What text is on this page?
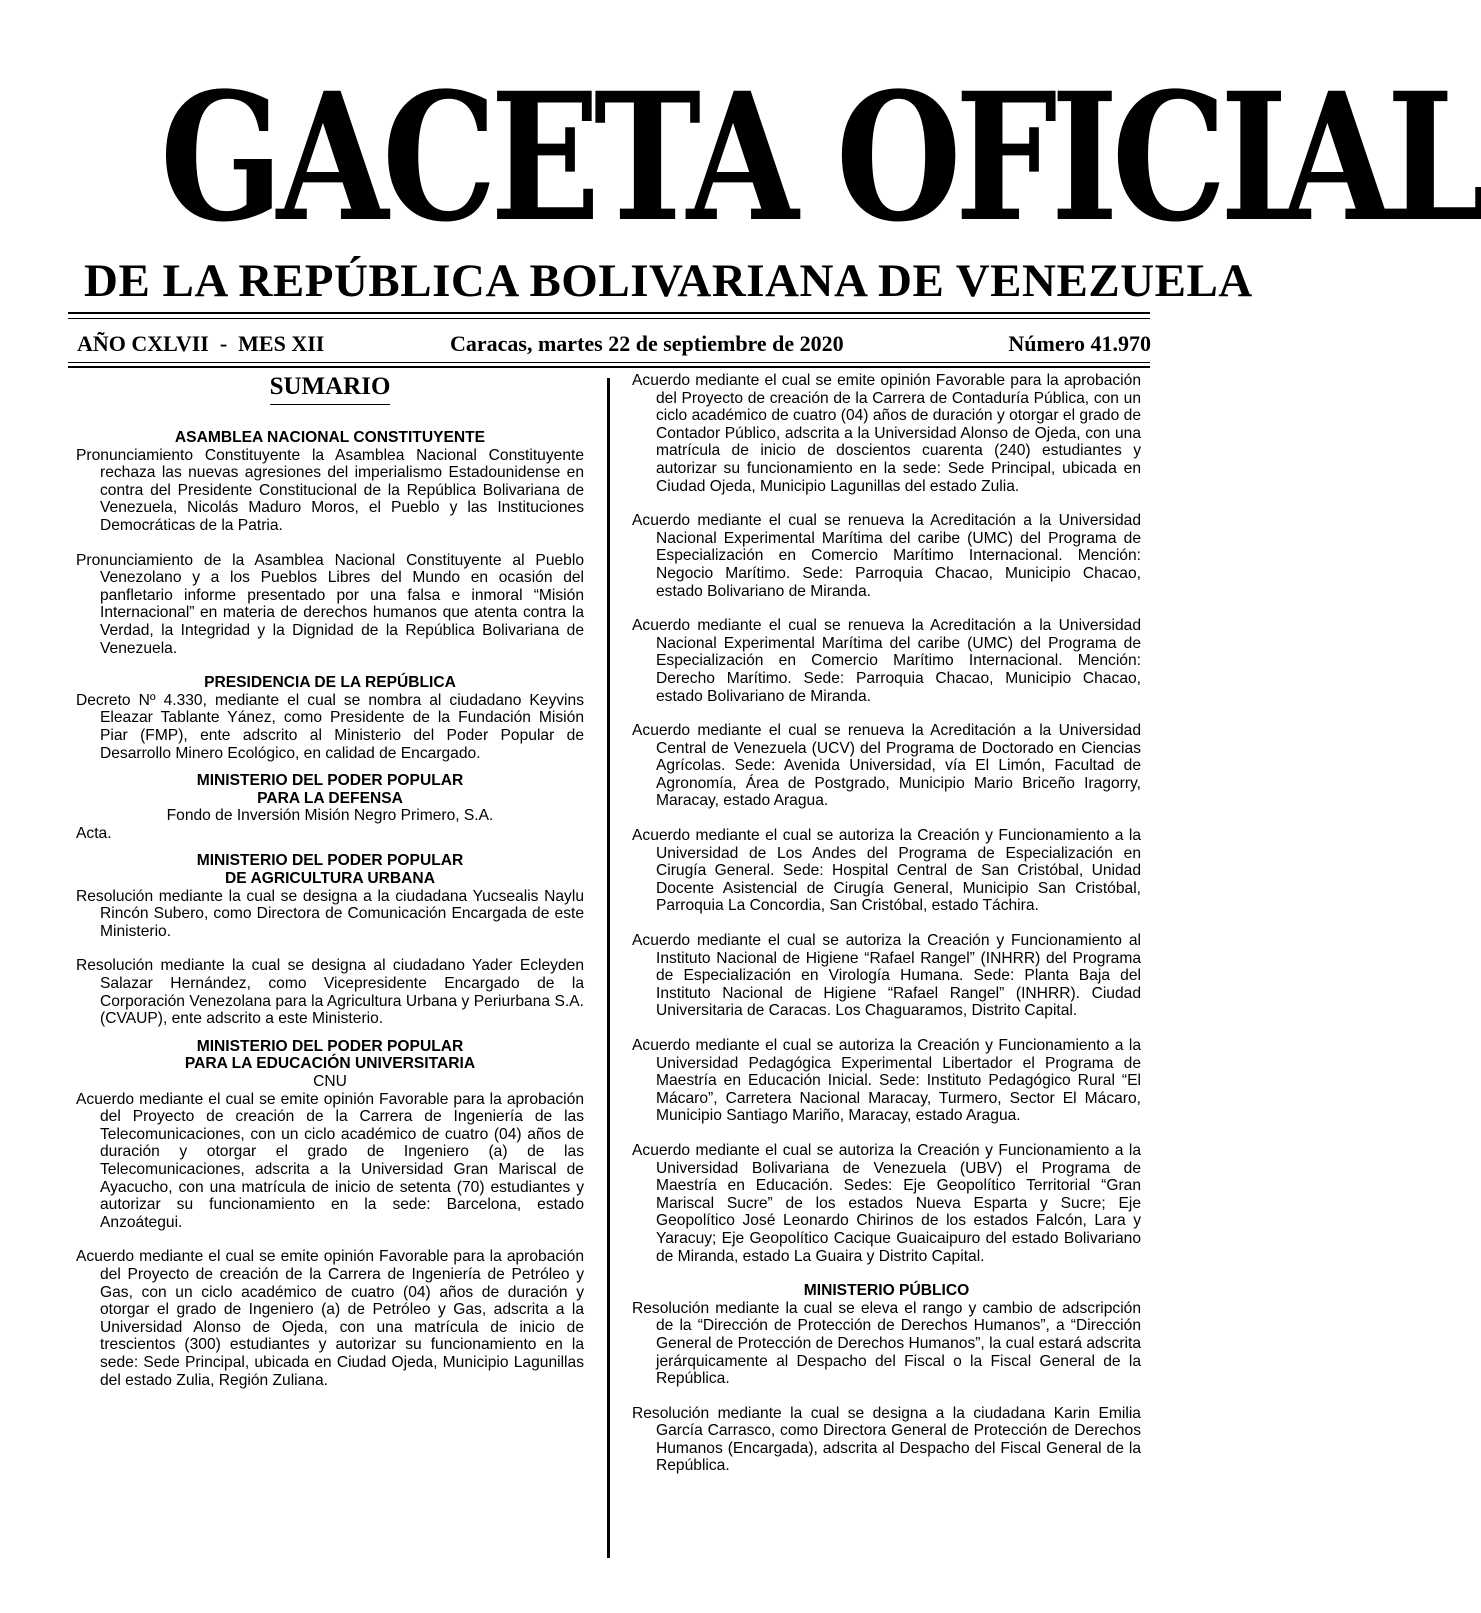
GACETA OFICIAL
DE LA REPÚBLICA BOLIVARIANA DE VENEZUELA
AÑO CXLVII  -  MES XII	Caracas, martes 22 de septiembre de 2020	Número 41.970
SUMARIO

ASAMBLEA NACIONAL CONSTITUYENTE

Pronunciamiento Constituyente la Asamblea Nacional Constituyente rechaza las nuevas agresiones del imperialismo Estadounidense en contra del Presidente Constitucional de la República Bolivariana de Venezuela, Nicolás Maduro Moros, el Pueblo y las Instituciones Democráticas de la Patria.

Pronunciamiento de la Asamblea Nacional Constituyente al Pueblo Venezolano y a los Pueblos Libres del Mundo en ocasión del panfletario informe presentado por una falsa e inmoral “Misión Internacional” en materia de derechos humanos que atenta contra la Verdad, la Integridad y la Dignidad de la República Bolivariana de Venezuela.

PRESIDENCIA DE LA REPÚBLICA

Decreto Nº 4.330, mediante el cual se nombra al ciudadano Keyvins Eleazar Tablante Yánez, como Presidente de la Fundación Misión Piar (FMP), ente adscrito al Ministerio del Poder Popular de Desarrollo Minero Ecológico, en calidad de Encargado.

MINISTERIO DEL PODER POPULAR

PARA LA DEFENSA

Fondo de Inversión Misión Negro Primero, S.A.

Acta.

MINISTERIO DEL PODER POPULAR

DE AGRICULTURA URBANA

Resolución mediante la cual se designa a la ciudadana Yucsealis Naylu Rincón Subero, como Directora de Comunicación Encargada de este Ministerio.

Resolución mediante la cual se designa al ciudadano Yader Ecleyden Salazar Hernández, como Vicepresidente Encargado de la Corporación Venezolana para la Agricultura Urbana y Periurbana S.A. (CVAUP), ente adscrito a este Ministerio.

MINISTERIO DEL PODER POPULAR

PARA LA EDUCACIÓN UNIVERSITARIA

CNU

Acuerdo mediante el cual se emite opinión Favorable para la aprobación del Proyecto de creación de la Carrera de Ingeniería de las Telecomunicaciones, con un ciclo académico de cuatro (04) años de duración y otorgar el grado de Ingeniero (a) de las Telecomunicaciones, adscrita a la Universidad Gran Mariscal de Ayacucho, con una matrícula de inicio de setenta (70) estudiantes y autorizar su funcionamiento en la sede: Barcelona, estado Anzoátegui.

Acuerdo mediante el cual se emite opinión Favorable para la aprobación del Proyecto de creación de la Carrera de Ingeniería de Petróleo y Gas, con un ciclo académico de cuatro (04) años de duración y otorgar el grado de Ingeniero (a) de Petróleo y Gas, adscrita a la Universidad Alonso de Ojeda, con una matrícula de inicio de trescientos (300) estudiantes y autorizar su funcionamiento en la sede: Sede Principal, ubicada en Ciudad Ojeda, Municipio Lagunillas del estado Zulia, Región Zuliana.

Acuerdo mediante el cual se emite opinión Favorable para la aprobación del Proyecto de creación de la Carrera de Contaduría Pública, con un ciclo académico de cuatro (04) años de duración y otorgar el grado de Contador Público, adscrita a la Universidad Alonso de Ojeda, con una matrícula de inicio de doscientos cuarenta (240) estudiantes y autorizar su funcionamiento en la sede: Sede Principal, ubicada en Ciudad Ojeda, Municipio Lagunillas del estado Zulia.

Acuerdo mediante el cual se renueva la Acreditación a la Universidad Nacional Experimental Marítima del caribe (UMC) del Programa de Especialización en Comercio Marítimo Internacional. Mención: Negocio Marítimo. Sede: Parroquia Chacao, Municipio Chacao, estado Bolivariano de Miranda.

Acuerdo mediante el cual se renueva la Acreditación a la Universidad Nacional Experimental Marítima del caribe (UMC) del Programa de Especialización en Comercio Marítimo Internacional. Mención: Derecho Marítimo. Sede: Parroquia Chacao, Municipio Chacao, estado Bolivariano de Miranda.

Acuerdo mediante el cual se renueva la Acreditación a la Universidad Central de Venezuela (UCV) del Programa de Doctorado en Ciencias Agrícolas. Sede: Avenida Universidad, vía El Limón, Facultad de Agronomía, Área de Postgrado, Municipio Mario Briceño Iragorry, Maracay, estado Aragua.

Acuerdo mediante el cual se autoriza la Creación y Funcionamiento a la Universidad de Los Andes del Programa de Especialización en Cirugía General. Sede: Hospital Central de San Cristóbal, Unidad Docente Asistencial de Cirugía General, Municipio San Cristóbal, Parroquia La Concordia, San Cristóbal, estado Táchira.

Acuerdo mediante el cual se autoriza la Creación y Funcionamiento al Instituto Nacional de Higiene “Rafael Rangel” (INHRR) del Programa de Especialización en Virología Humana. Sede: Planta Baja del Instituto Nacional de Higiene “Rafael Rangel” (INHRR). Ciudad Universitaria de Caracas. Los Chaguaramos, Distrito Capital.

Acuerdo mediante el cual se autoriza la Creación y Funcionamiento a la Universidad Pedagógica Experimental Libertador el Programa de Maestría en Educación Inicial. Sede: Instituto Pedagógico Rural “El Mácaro”, Carretera Nacional Maracay, Turmero, Sector El Mácaro, Municipio Santiago Mariño, Maracay, estado Aragua.

Acuerdo mediante el cual se autoriza la Creación y Funcionamiento a la Universidad Bolivariana de Venezuela (UBV) el Programa de Maestría en Educación. Sedes: Eje Geopolítico Territorial “Gran Mariscal Sucre” de los estados Nueva Esparta y Sucre; Eje Geopolítico José Leonardo Chirinos de los estados Falcón, Lara y Yaracuy; Eje Geopolítico Cacique Guaicaipuro del estado Bolivariano de Miranda, estado La Guaira y Distrito Capital.

MINISTERIO PÚBLICO

Resolución mediante la cual se eleva el rango y cambio de adscripción de la “Dirección de Protección de Derechos Humanos”, a “Dirección General de Protección de Derechos Humanos”, la cual estará adscrita jerárquicamente al Despacho del Fiscal o la Fiscal General de la República.

Resolución mediante la cual se designa a la ciudadana Karin Emilia García Carrasco, como Directora General de Protección de Derechos Humanos (Encargada), adscrita al Despacho del Fiscal General de la República.
